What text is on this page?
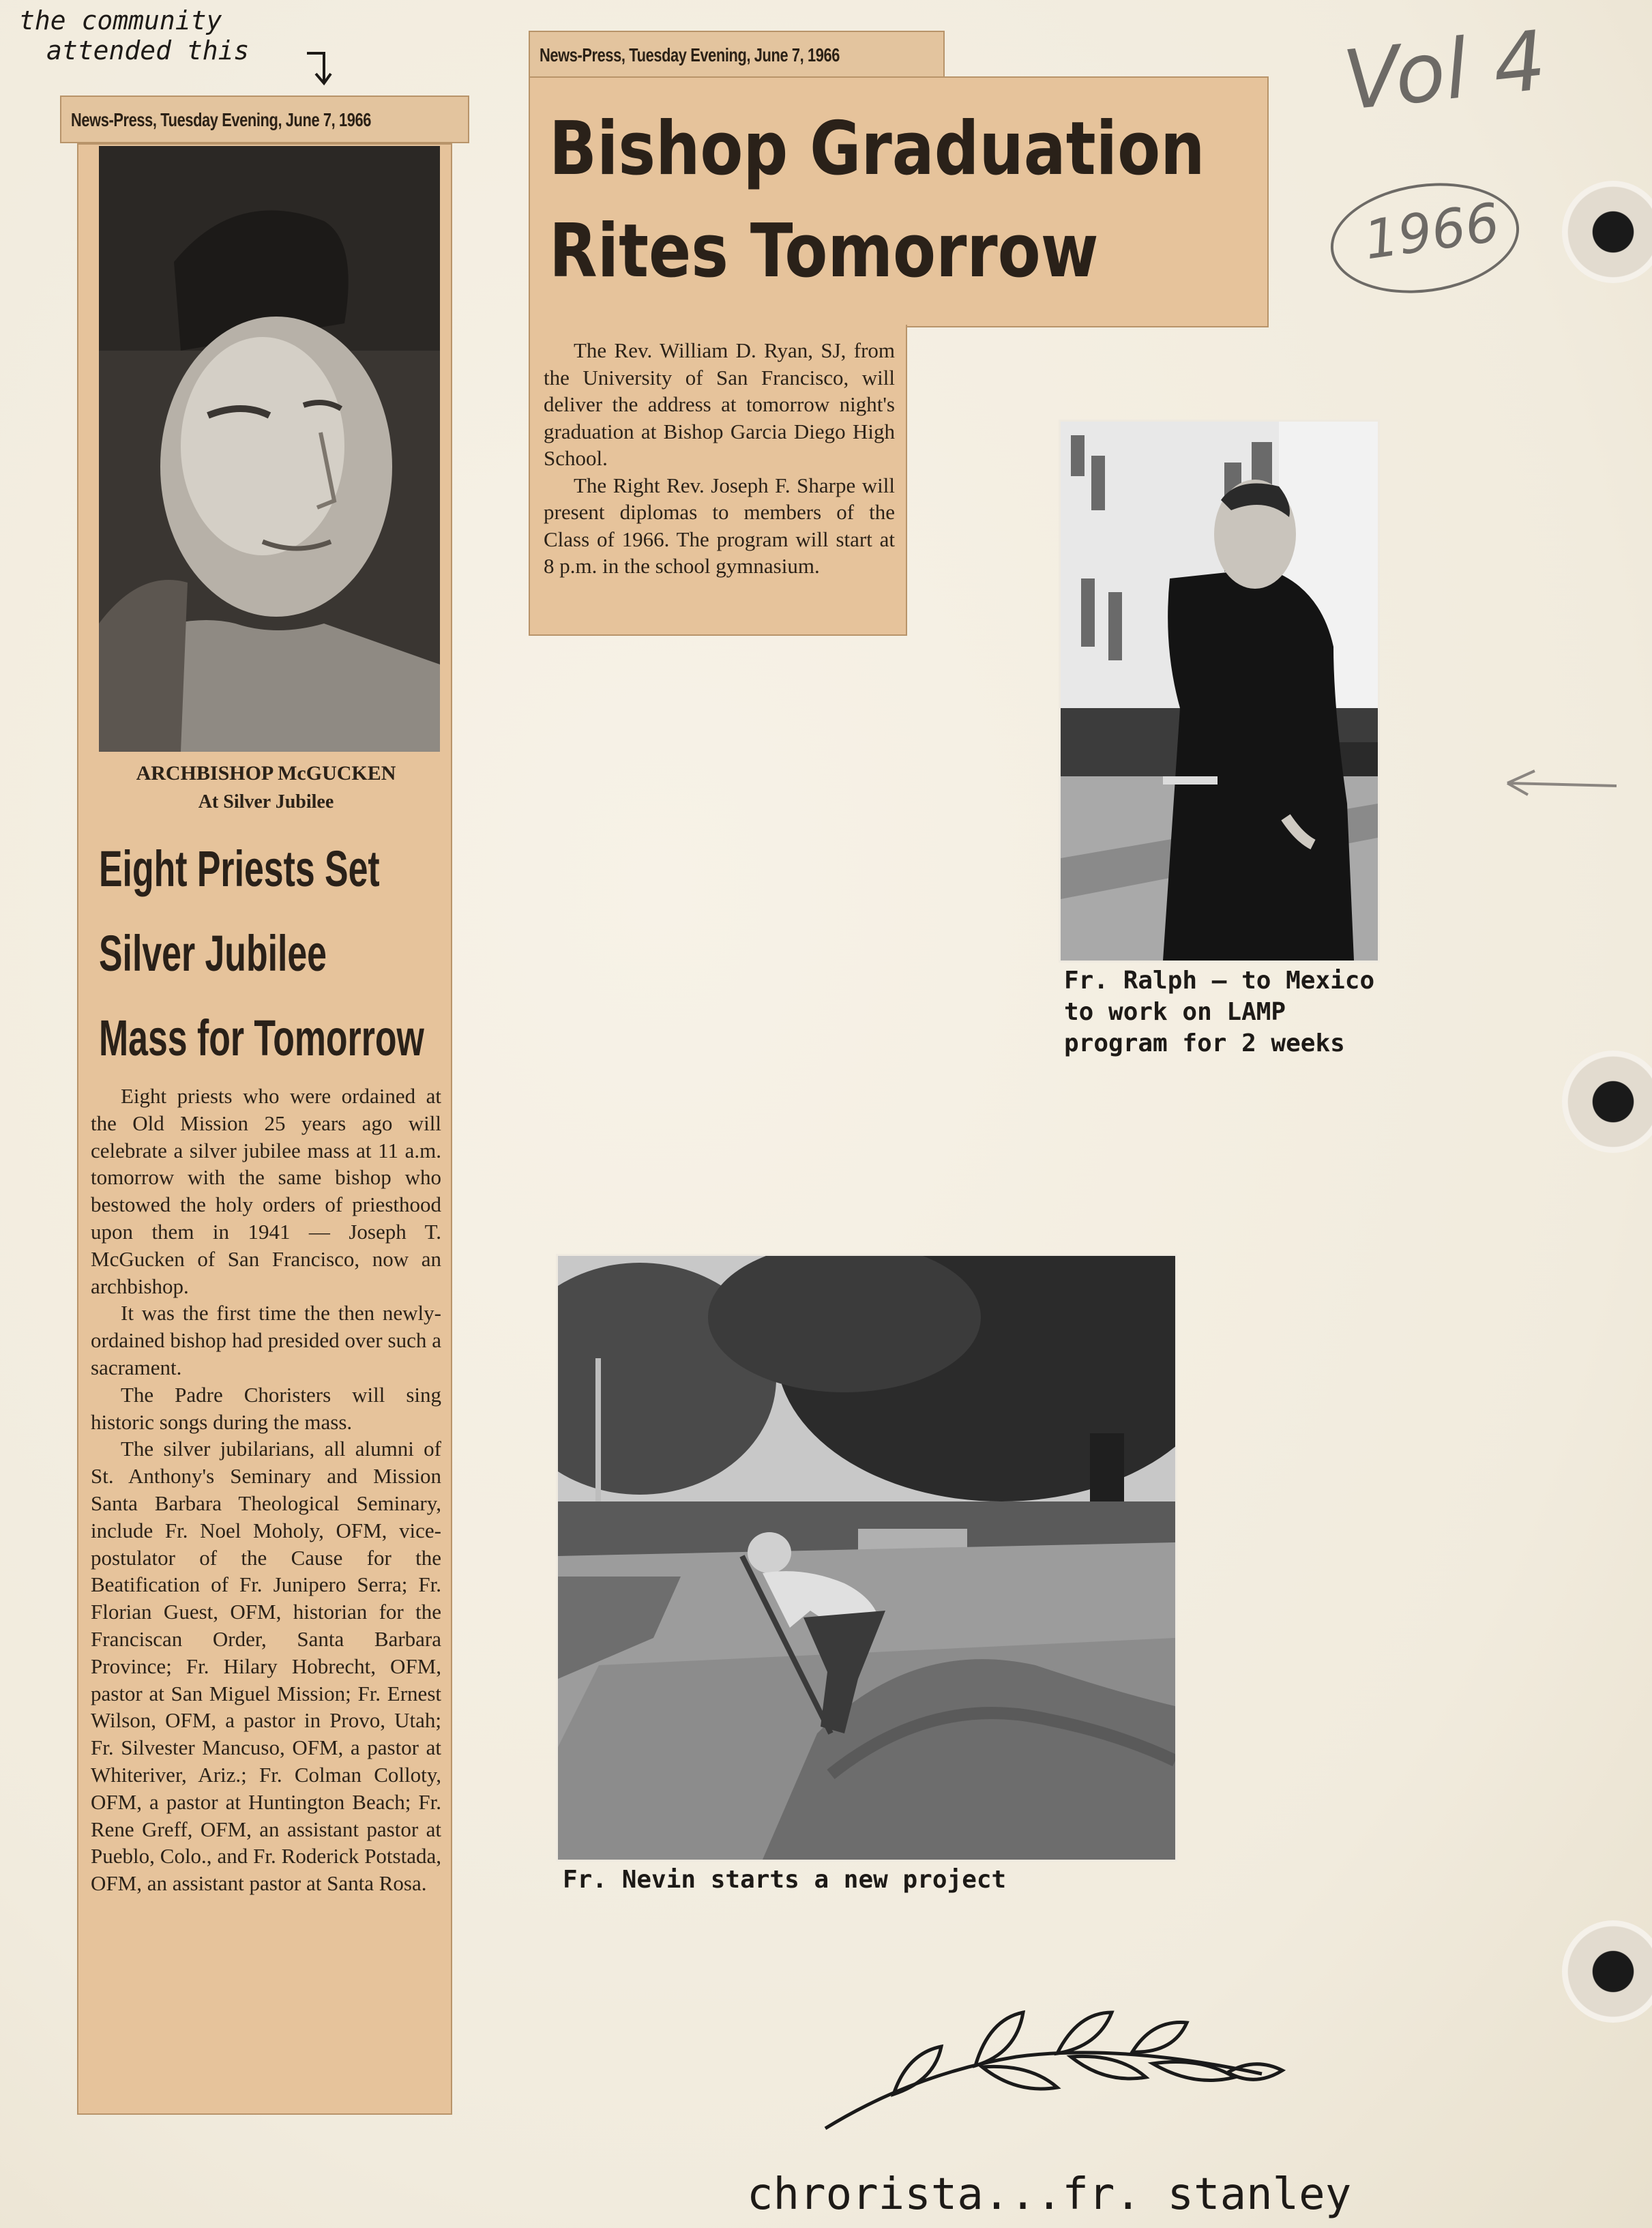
the community
attended this	Vol 4
1966
News-Press, Tuesday Evening, June 7, 1966
ARCHBISHOP McGUCKEN
At Silver Jubilee
Eight Priests Set
Silver Jubilee
Mass for Tomorrow

Eight priests who were ordained at the Old Mission 25 years ago will celebrate a silver jubilee mass at 11 a.m. tomorrow with the same bishop who bestowed the holy orders of priesthood upon them in 1941 — Joseph T. McGucken of San Francisco, now an archbishop.

It was the first time the then newly-ordained bishop had presided over such a sacrament.

The Padre Choristers will sing historic songs during the mass.

The silver jubilarians, all alumni of St. Anthony's Seminary and Mission Santa Barbara Theological Seminary, include Fr. Noel Moholy, OFM, vice-postulator of the Cause for the Beatification of Fr. Junipero Serra; Fr. Florian Guest, OFM, historian for the Franciscan Order, Santa Barbara Province; Fr. Hilary Hobrecht, OFM, pastor at San Miguel Mission; Fr. Ernest Wilson, OFM, a pastor in Provo, Utah; Fr. Silvester Mancuso, OFM, a pastor at Whiteriver, Ariz.; Fr. Colman Colloty, OFM, a pastor at Huntington Beach; Fr. Rene Greff, OFM, an assistant pastor at Pueblo, Colo., and Fr. Roderick Potstada, OFM, an assistant pastor at Santa Rosa.

News-Press, Tuesday Evening, June 7, 1966
Bishop Graduation
Rites Tomorrow

The Rev. William D. Ryan, SJ, from the University of San Francisco, will deliver the address at tomorrow night's graduation at Bishop Garcia Diego High School.

The Right Rev. Joseph F. Sharpe will present diplomas to members of the Class of 1966. The program will start at 8 p.m. in the school gymnasium.

Fr. Ralph — to Mexico
to work on LAMP
program for 2 weeks
Fr. Nevin starts a new project
chrorista...fr. stanley
